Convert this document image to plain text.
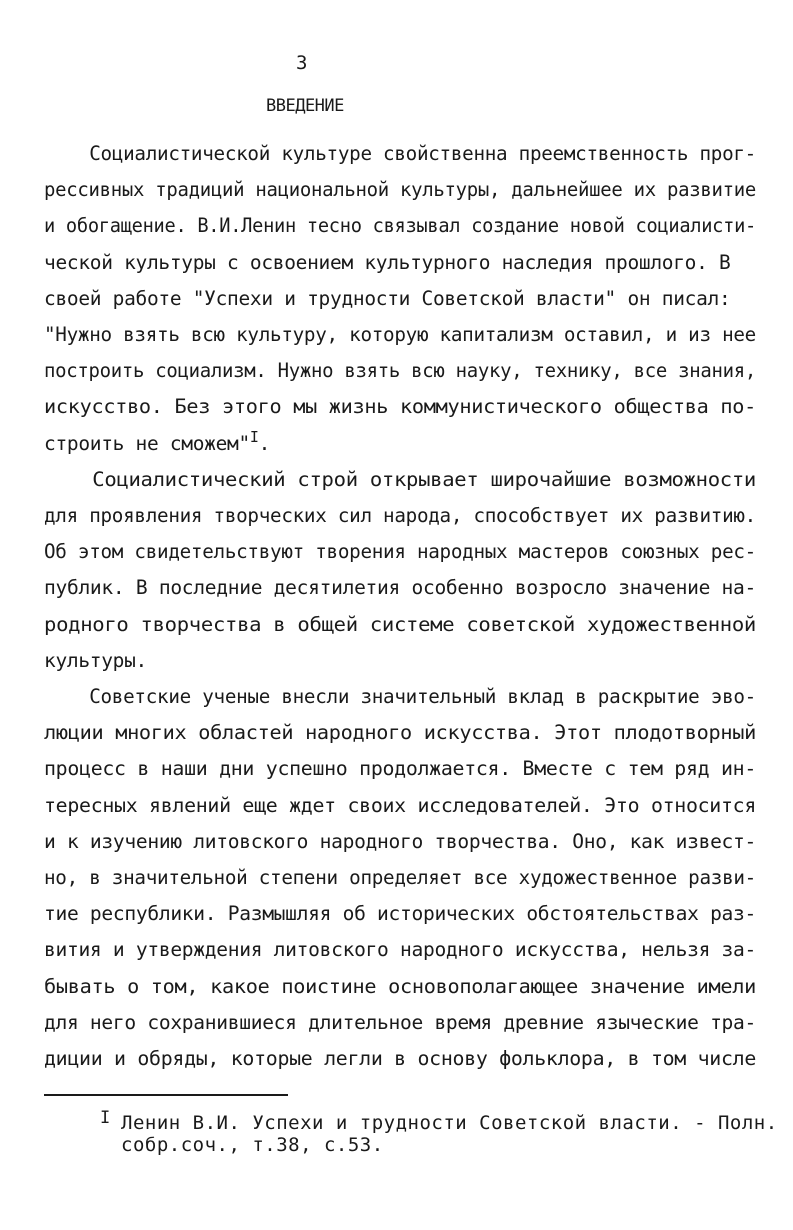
3
ВВЕДЕНИЕ
Социалистической культуре свойственна преемственность прог-
рессивных традиций национальной культуры, дальнейшее их развитие
и обогащение. В.И.Ленин тесно связывал создание новой социалисти-
ческой культуры с освоением культурного наследия прошлого. В
своей работе "Успехи и трудности Советской власти" он писал:
"Нужно взять всю культуру, которую капитализм оставил, и из нее
построить социализм. Нужно взять всю науку, технику, все знания,
искусство. Без этого мы жизнь коммунистического общества по-
строить не сможем"$^I$.
Социалистический строй открывает широчайшие возможности
для проявления творческих сил народа, способствует их развитию.
Об этом свидетельствуют творения народных мастеров союзных рес-
публик. В последние десятилетия особенно возросло значение на-
родного творчества в общей системе советской художественной
культуры.
Советские ученые внесли значительный вклад в раскрытие эво-
люции многих областей народного искусства. Этот плодотворный
процесс в наши дни успешно продолжается. Вместе с тем ряд ин-
тересных явлений еще ждет своих исследователей. Это относится
и к изучению литовского народного творчества. Оно, как извест-
но, в значительной степени определяет все художественное разви-
тие республики. Размышляя об исторических обстоятельствах раз-
вития и утверждения литовского народного искусства, нельзя за-
бывать о том, какое поистине основополагающее значение имели
для него сохранившиеся длительное время древние языческие тра-
диции и обряды, которые легли в основу фольклора, в том числе
I Ленин В.И. Успехи и трудности Советской власти. - Полн.
собр.соч., т.38, с.53.
